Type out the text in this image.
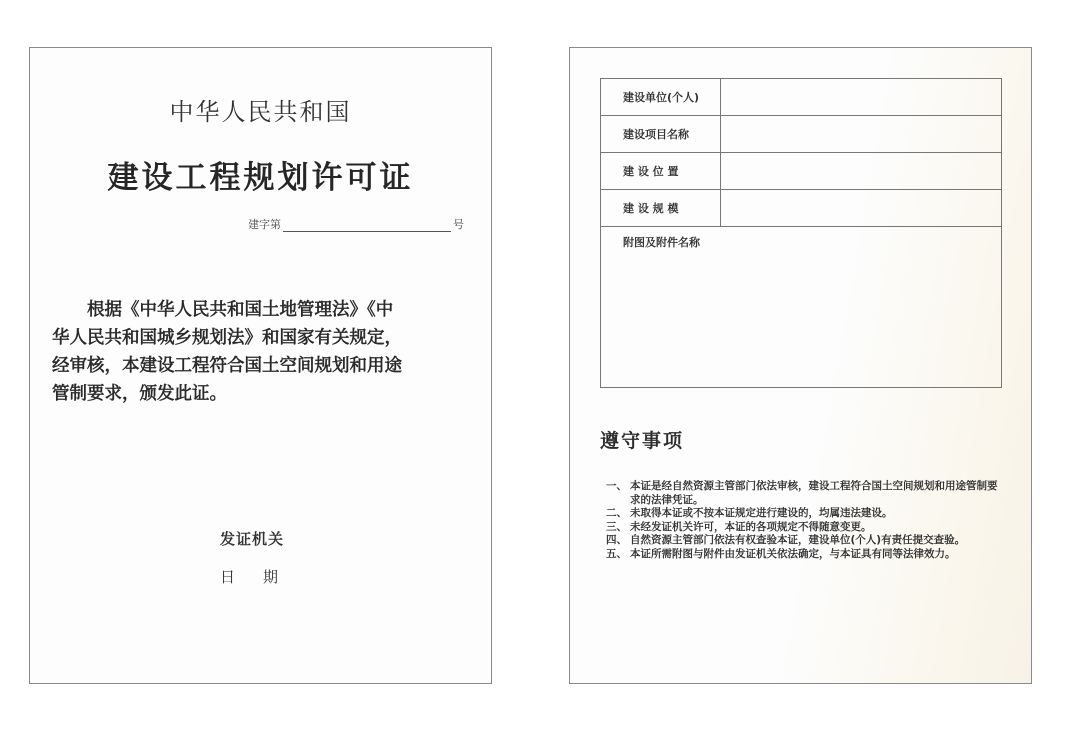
中华人民共和国
建设工程规划许可证
建字第	号

　　根据《中华人民共和国土地管理法》《中

华人民共和国城乡规划法》和国家有关规定，

经审核，本建设工程符合国土空间规划和用途

管制要求，颁发此证。

发证机关
日 期
建设单位(个人)	
建设项目名称	
建 设 位 置	
建 设 规 模	
附图及附件名称	
遵守事项
一、 本证是经自然资源主管部门依法审核，建设工程符合国土空间规划和用途管制要求的法律凭证。
二、 未取得本证或不按本证规定进行建设的，均属违法建设。
三、 未经发证机关许可，本证的各项规定不得随意变更。
四、 自然资源主管部门依法有权查验本证，建设单位(个人)有责任提交查验。
五、 本证所需附图与附件由发证机关依法确定，与本证具有同等法律效力。
